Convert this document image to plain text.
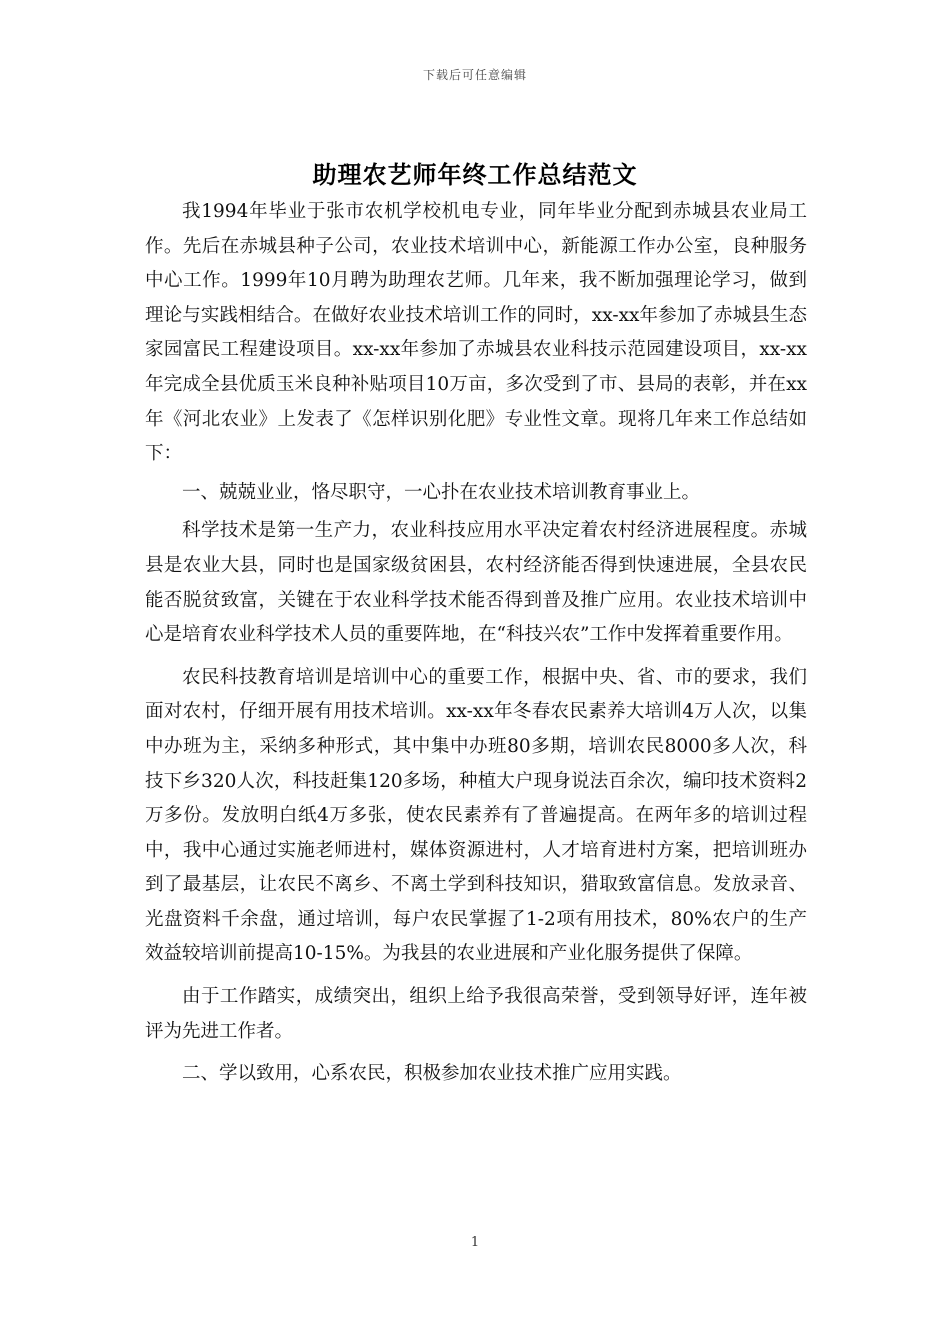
下载后可任意编辑
助理农艺师年终工作总结范文

我1994年毕业于张市农机学校机电专业，同年毕业分配到赤城县农业局工作。先后在赤城县种子公司，农业技术培训中心，新能源工作办公室，良种服务中心工作。1999年10月聘为助理农艺师。几年来，我不断加强理论学习，做到理论与实践相结合。在做好农业技术培训工作的同时，xx-xx年参加了赤城县生态家园富民工程建设项目。xx-xx年参加了赤城县农业科技示范园建设项目，xx-xx年完成全县优质玉米良种补贴项目10万亩，多次受到了市、县局的表彰，并在xx年《河北农业》上发表了《怎样识别化肥》专业性文章。现将几年来工作总结如下：

一、兢兢业业，恪尽职守，一心扑在农业技术培训教育事业上。

科学技术是第一生产力，农业科技应用水平决定着农村经济进展程度。赤城县是农业大县，同时也是国家级贫困县，农村经济能否得到快速进展，全县农民能否脱贫致富，关键在于农业科学技术能否得到普及推广应用。农业技术培训中心是培育农业科学技术人员的重要阵地，在“科技兴农”工作中发挥着重要作用。

农民科技教育培训是培训中心的重要工作，根据中央、省、市的要求，我们面对农村，仔细开展有用技术培训。xx-xx年冬春农民素养大培训4万人次，以集中办班为主，采纳多种形式，其中集中办班80多期，培训农民8000多人次，科技下乡320人次，科技赶集120多场，种植大户现身说法百余次，编印技术资料2万多份。发放明白纸4万多张，使农民素养有了普遍提高。在两年多的培训过程中，我中心通过实施老师进村，媒体资源进村，人才培育进村方案，把培训班办到了最基层，让农民不离乡、不离土学到科技知识，猎取致富信息。发放录音、光盘资料千余盘，通过培训，每户农民掌握了1-2项有用技术，80%农户的生产效益较培训前提高10-15%。为我县的农业进展和产业化服务提供了保障。

由于工作踏实，成绩突出，组织上给予我很高荣誉，受到领导好评，连年被评为先进工作者。

二、学以致用，心系农民，积极参加农业技术推广应用实践。

1
